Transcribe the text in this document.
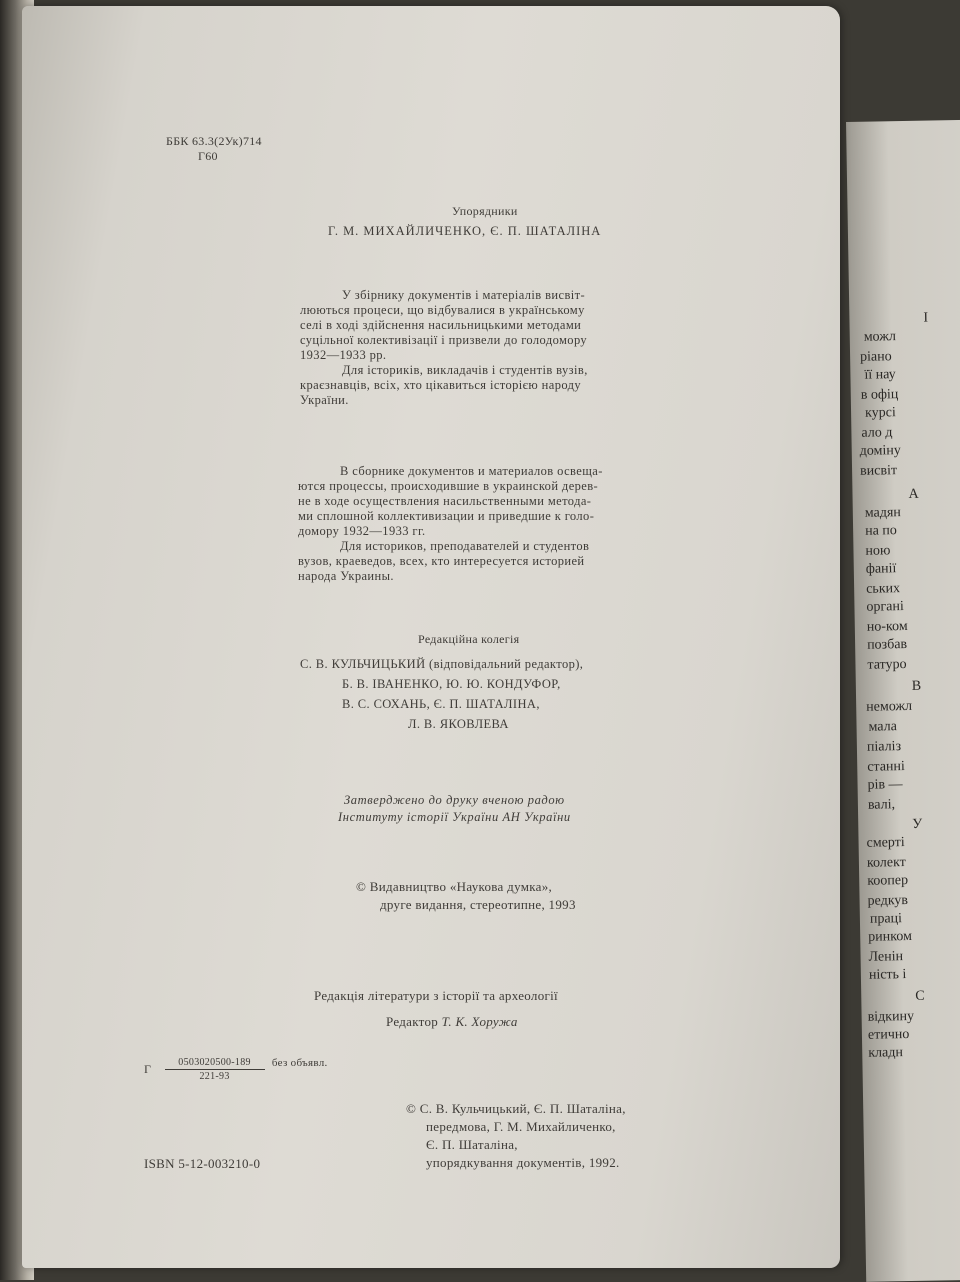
І
можл
ріано
її нау
в офіц
курсі
ало д
доміну
висвіт
А
мадян
на по
ною
фанії
ських
органі
но-ком
позбав
татуро
В
неможл
мала
піаліз
станні
рів —
валі,
У
смерті
колект
коопер
редкув
праці
ринком
Ленін
ність і
С
відкину
етично
кладн
ББК 63.3(2Ук)714
Г60
Упорядники
Г. М. МИХАЙЛИЧЕНКО, Є. П. ШАТАЛІНА
У збірнику документів і матеріалів висвіт-
люються процеси, що відбувалися в українському
селі в ході здійснення насильницькими методами
суцільної колективізації і призвели до голодомору
1932—1933 рр.
Для істориків, викладачів і студентів вузів,
краєзнавців, всіх, хто цікавиться історією народу
України.
В сборнике документов и материалов освеща-
ются процессы, происходившие в украинской дерев-
не в ходе осуществления насильственными методa-
ми сплошной коллективизации и приведшие к голо-
домору 1932—1933 гг.
Для историков, преподавателей и студентов
вузов, краеведов, всех, кто интересуется историей
народа Украины.
Редакційна колегія
С. В. КУЛЬЧИЦЬКИЙ (відповідальний редактор),
Б. В. ІВАНЕНКО, Ю. Ю. КОНДУФОР,
В. С. СОХАНЬ, Є. П. ШАТАЛІНА,
Л. В. ЯКОВЛЕВА
Затверджено до друку вченою радою
Інституту історії України АН України
© Видавництво «Наукова думка»,
друге видання, стереотипне, 1993
Редакція літератури з історії та археології
Редактор Т. К. Хоружа
Г $\frac{0503020500-189}{221-93}$ без объявл.
© С. В. Кульчицький, Є. П. Шаталіна,
передмова, Г. М. Михайличенко,
Є. П. Шаталіна,
упорядкування документів, 1992.
ISBN 5-12-003210-0
